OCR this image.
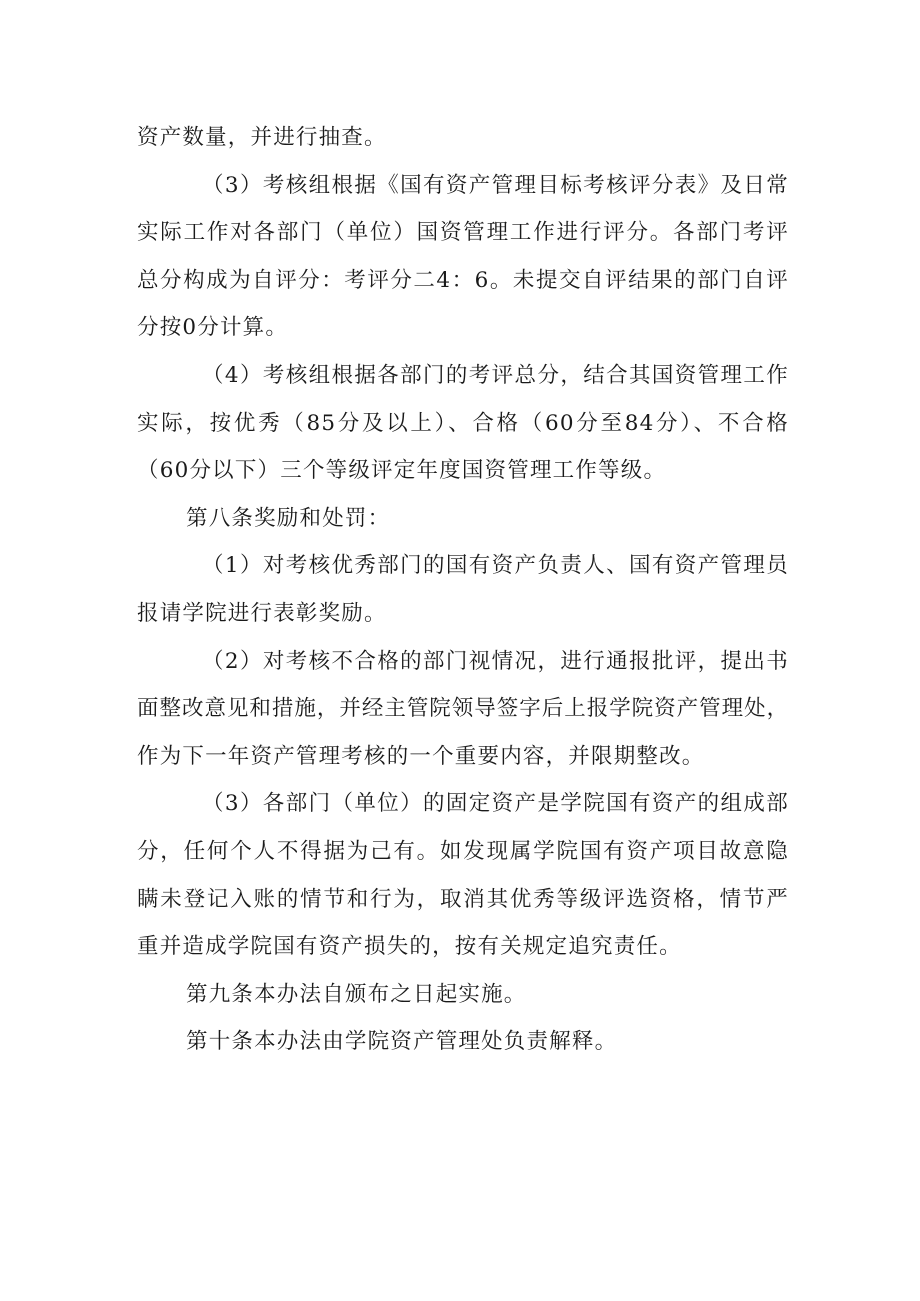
资产数量，并进行抽查。

（3）考核组根据《国有资产管理目标考核评分表》及日常
实际工作对各部门（单位）国资管理工作进行评分。各部门考评
总分构成为自评分：考评分二4：6。未提交自评结果的部门自评
分按0分计算。

（4）考核组根据各部门的考评总分，结合其国资管理工作
实际，按优秀（85分及以上）、合格（60分至84分）、不合格
（60分以下）三个等级评定年度国资管理工作等级。

第八条奖励和处罚：

（1）对考核优秀部门的国有资产负责人、国有资产管理员
报请学院进行表彰奖励。

（2）对考核不合格的部门视情况，进行通报批评，提出书
面整改意见和措施，并经主管院领导签字后上报学院资产管理处，
作为下一年资产管理考核的一个重要内容，并限期整改。

（3）各部门（单位）的固定资产是学院国有资产的组成部
分，任何个人不得据为己有。如发现属学院国有资产项目故意隐
瞒未登记入账的情节和行为，取消其优秀等级评选资格，情节严
重并造成学院国有资产损失的，按有关规定追究责任。

第九条本办法自颁布之日起实施。

第十条本办法由学院资产管理处负责解释。
